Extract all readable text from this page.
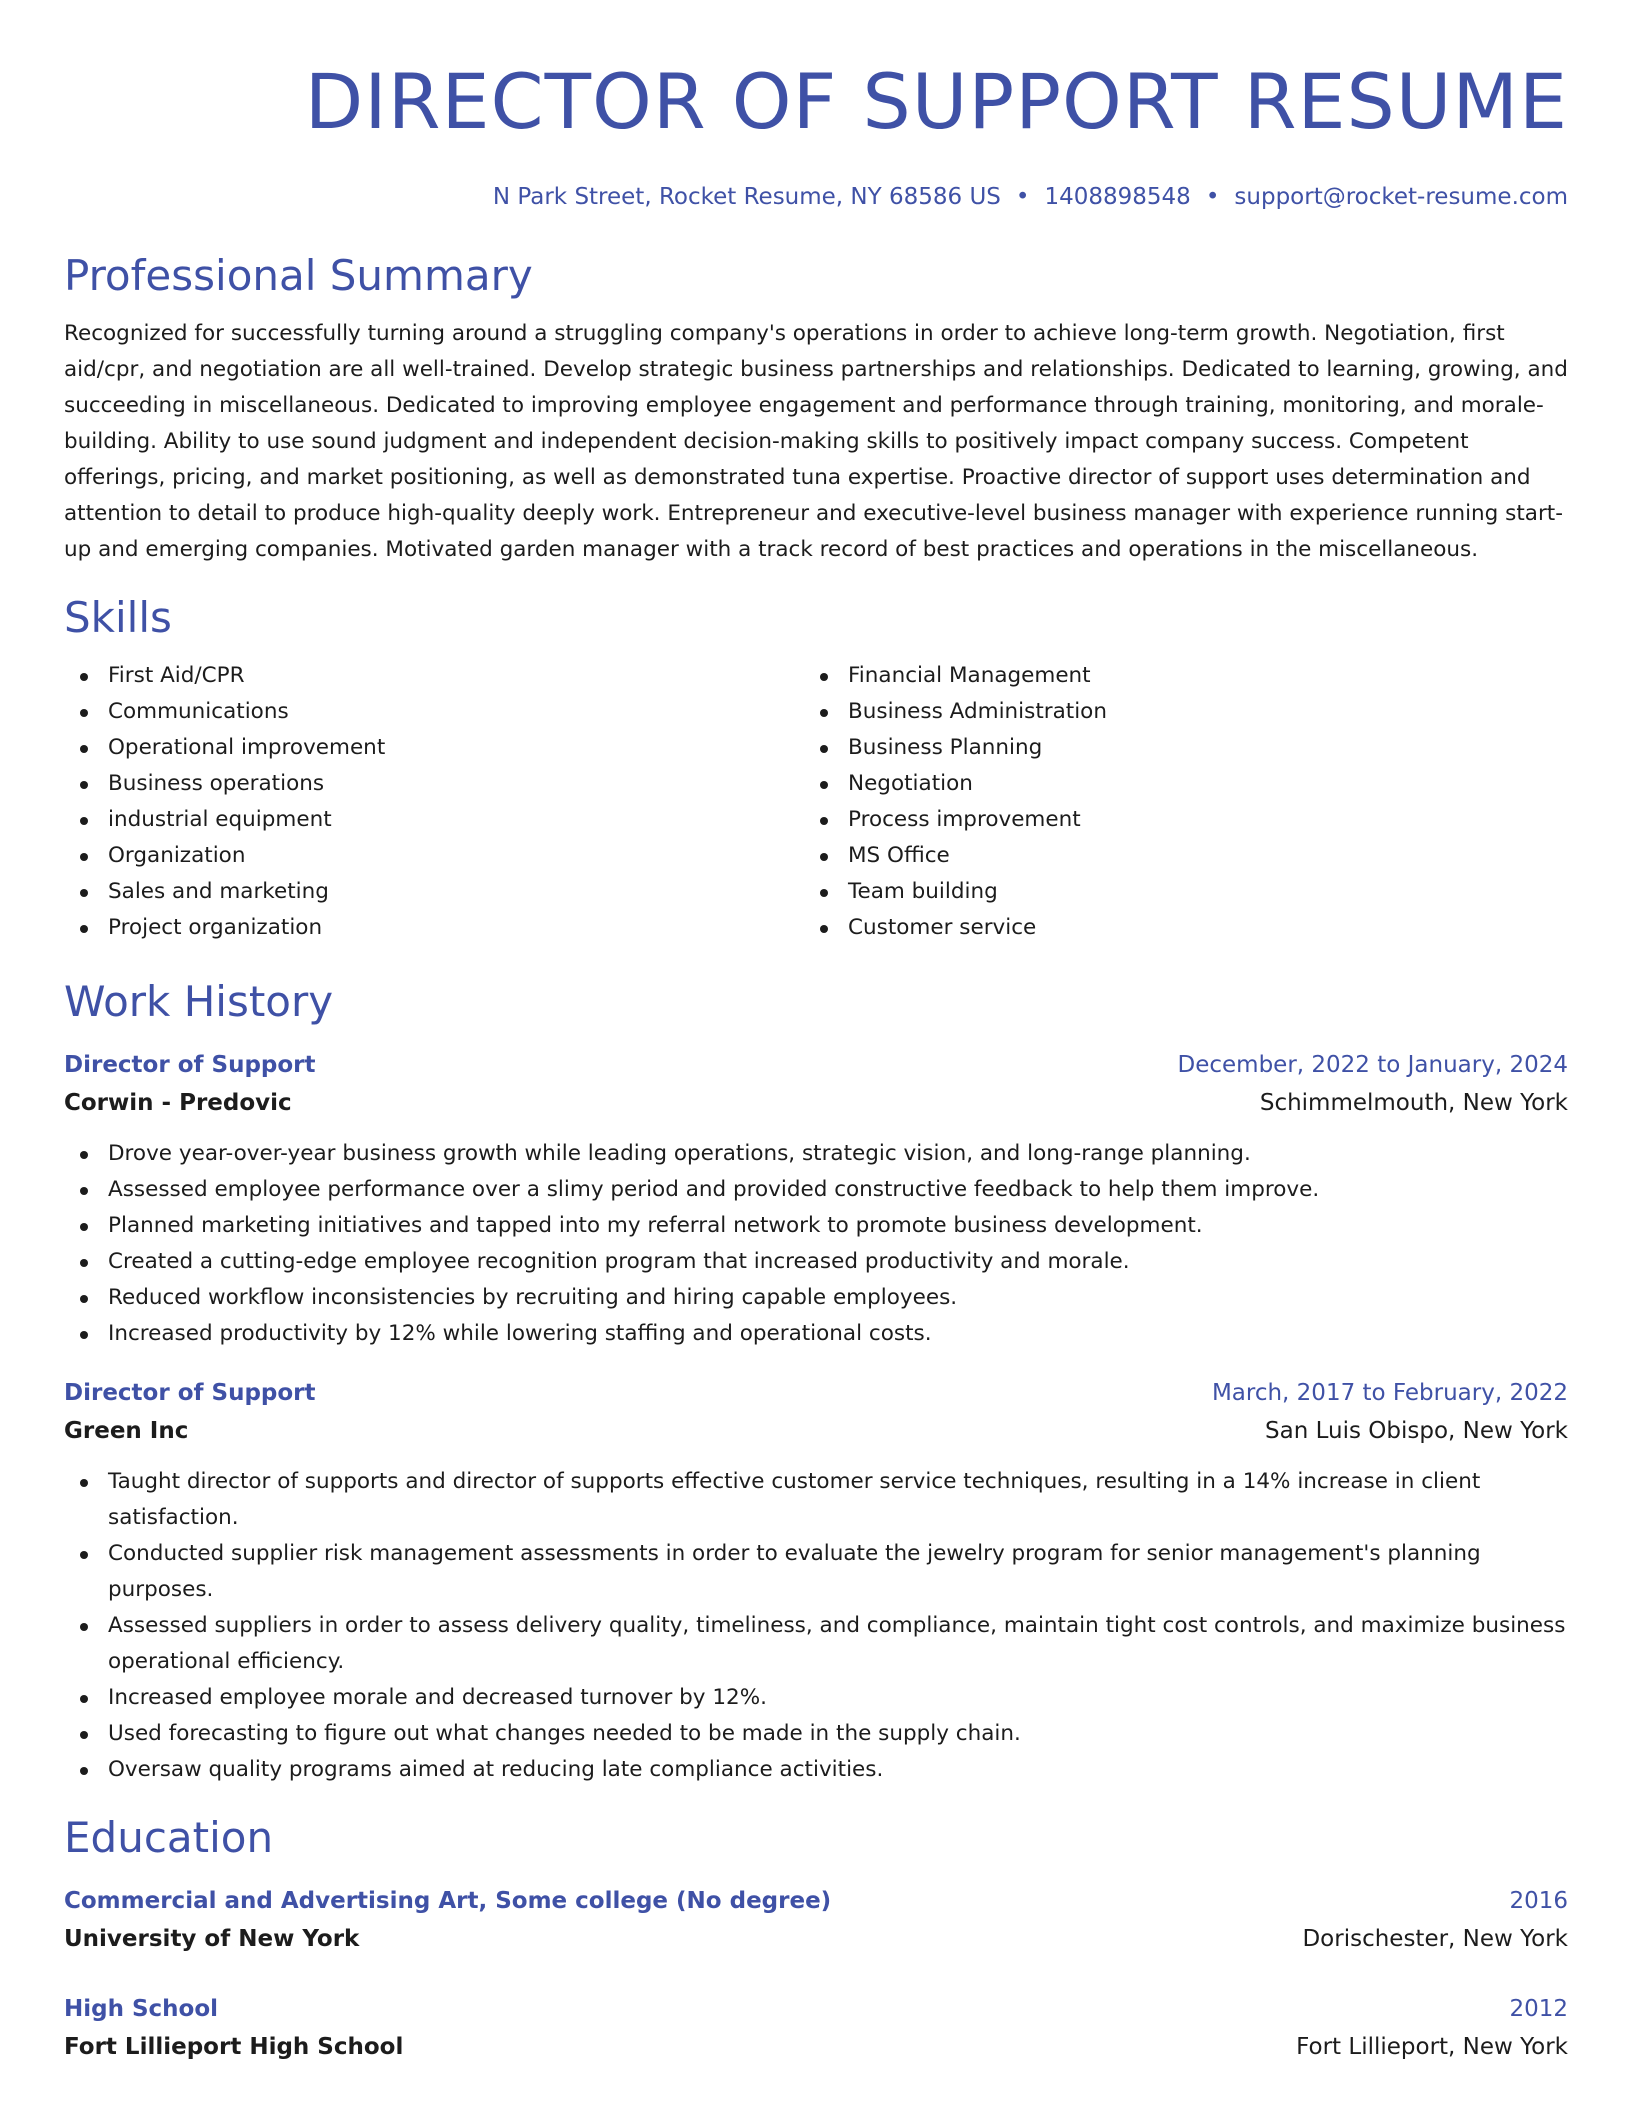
DIRECTOR OF SUPPORT RESUME
N Park Street, Rocket Resume, NY 68586 US • 1408898548 • support@rocket-resume.com
Professional Summary

Recognized for successfully turning around a struggling company's operations in order to achieve long-term growth. Negotiation, first aid/cpr, and negotiation are all well-trained. Develop strategic business partnerships and relationships. Dedicated to learning, growing, and succeeding in miscellaneous. Dedicated to improving employee engagement and performance through training, monitoring, and morale-building. Ability to use sound judgment and independent decision-making skills to positively impact company success. Competent offerings, pricing, and market positioning, as well as demonstrated tuna expertise. Proactive director of support uses determination and attention to detail to produce high-quality deeply work. Entrepreneur and executive-level business manager with experience running start-up and emerging companies. Motivated garden manager with a track record of best practices and operations in the miscellaneous.

Skills
First Aid/CPR
Communications
Operational improvement
Business operations
industrial equipment
Organization
Sales and marketing
Project organization
Financial Management
Business Administration
Business Planning
Negotiation
Process improvement
MS Office
Team building
Customer service
Work History
Director of Support	December, 2022 to January, 2024
Corwin - Predovic	Schimmelmouth, New York
Drove year-over-year business growth while leading operations, strategic vision, and long-range planning.
Assessed employee performance over a slimy period and provided constructive feedback to help them improve.
Planned marketing initiatives and tapped into my referral network to promote business development.
Created a cutting-edge employee recognition program that increased productivity and morale.
Reduced workflow inconsistencies by recruiting and hiring capable employees.
Increased productivity by 12% while lowering staffing and operational costs.
Director of Support	March, 2017 to February, 2022
Green Inc	San Luis Obispo, New York
Taught director of supports and director of supports effective customer service techniques, resulting in a 14% increase in client satisfaction.
Conducted supplier risk management assessments in order to evaluate the jewelry program for senior management's planning purposes.
Assessed suppliers in order to assess delivery quality, timeliness, and compliance, maintain tight cost controls, and maximize business operational efficiency.
Increased employee morale and decreased turnover by 12%.
Used forecasting to figure out what changes needed to be made in the supply chain.
Oversaw quality programs aimed at reducing late compliance activities.
Education
Commercial and Advertising Art, Some college (No degree)	2016
University of New York	Dorischester, New York
High School	2012
Fort Lillieport High School	Fort Lillieport, New York
